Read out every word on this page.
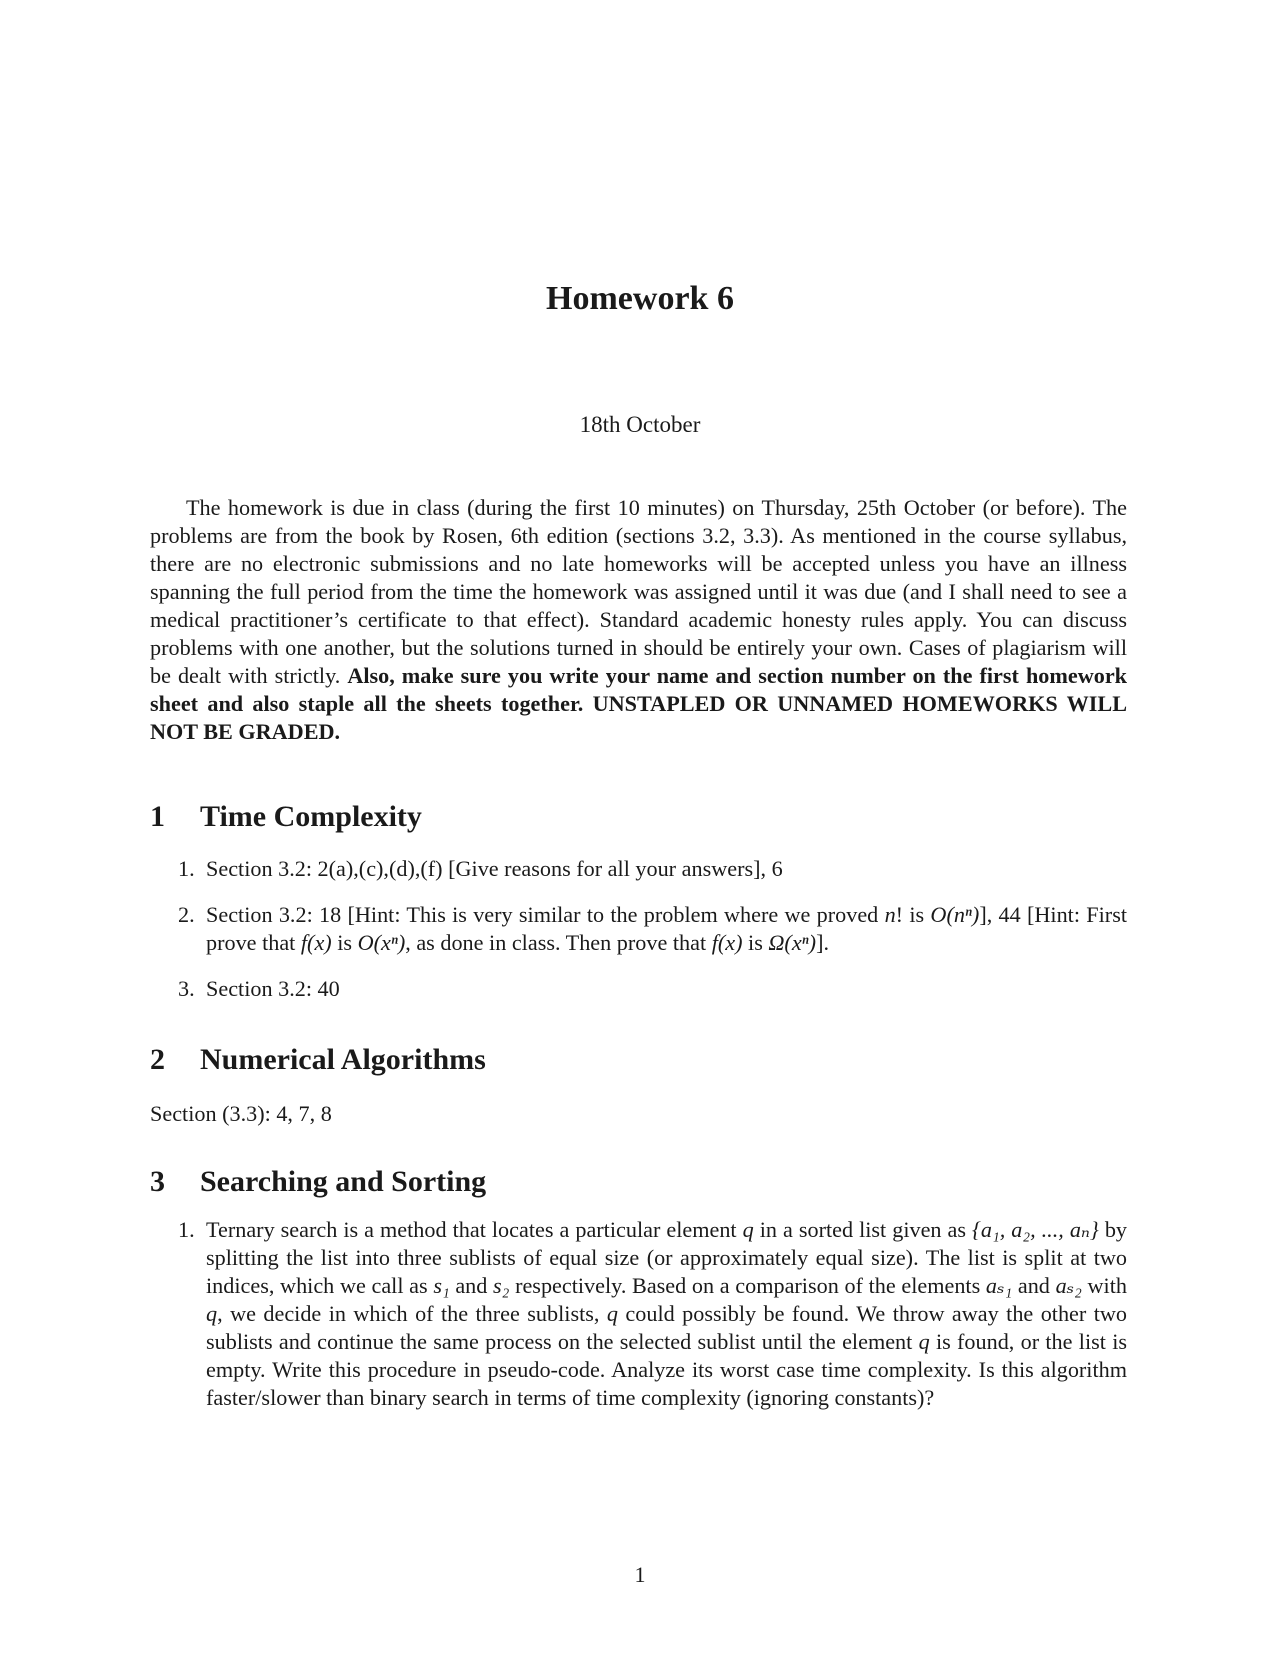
Homework 6
18th October

The homework is due in class (during the first 10 minutes) on Thursday, 25th October (or before). The problems are from the book by Rosen, 6th edition (sections 3.2, 3.3). As mentioned in the course syllabus, there are no electronic submissions and no late homeworks will be accepted unless you have an illness spanning the full period from the time the homework was assigned until it was due (and I shall need to see a medical practitioner’s certificate to that effect). Standard academic honesty rules apply. You can discuss problems with one another, but the solutions turned in should be entirely your own. Cases of plagiarism will be dealt with strictly. Also, make sure you write your name and section number on the first homework sheet and also staple all the sheets together. UNSTAPLED OR UNNAMED HOMEWORKS WILL NOT BE GRADED.

1 Time Complexity
1. Section 3.2: 2(a),(c),(d),(f) [Give reasons for all your answers], 6
2. Section 3.2: 18 [Hint: This is very similar to the problem where we proved n! is O(nⁿ)], 44 [Hint: First prove that f(x) is O(xⁿ), as done in class. Then prove that f(x) is Ω(xⁿ)].
3. Section 3.2: 40
2 Numerical Algorithms

Section (3.3): 4, 7, 8

3 Searching and Sorting
1. Ternary search is a method that locates a particular element q in a sorted list given as {a₁, a₂, ..., aₙ} by splitting the list into three sublists of equal size (or approximately equal size). The list is split at two indices, which we call as s₁ and s₂ respectively. Based on a comparison of the elements aₛ₁ and aₛ₂ with q, we decide in which of the three sublists, q could possibly be found. We throw away the other two sublists and continue the same process on the selected sublist until the element q is found, or the list is empty. Write this procedure in pseudo-code. Analyze its worst case time complexity. Is this algorithm faster/slower than binary search in terms of time complexity (ignoring constants)?
1
